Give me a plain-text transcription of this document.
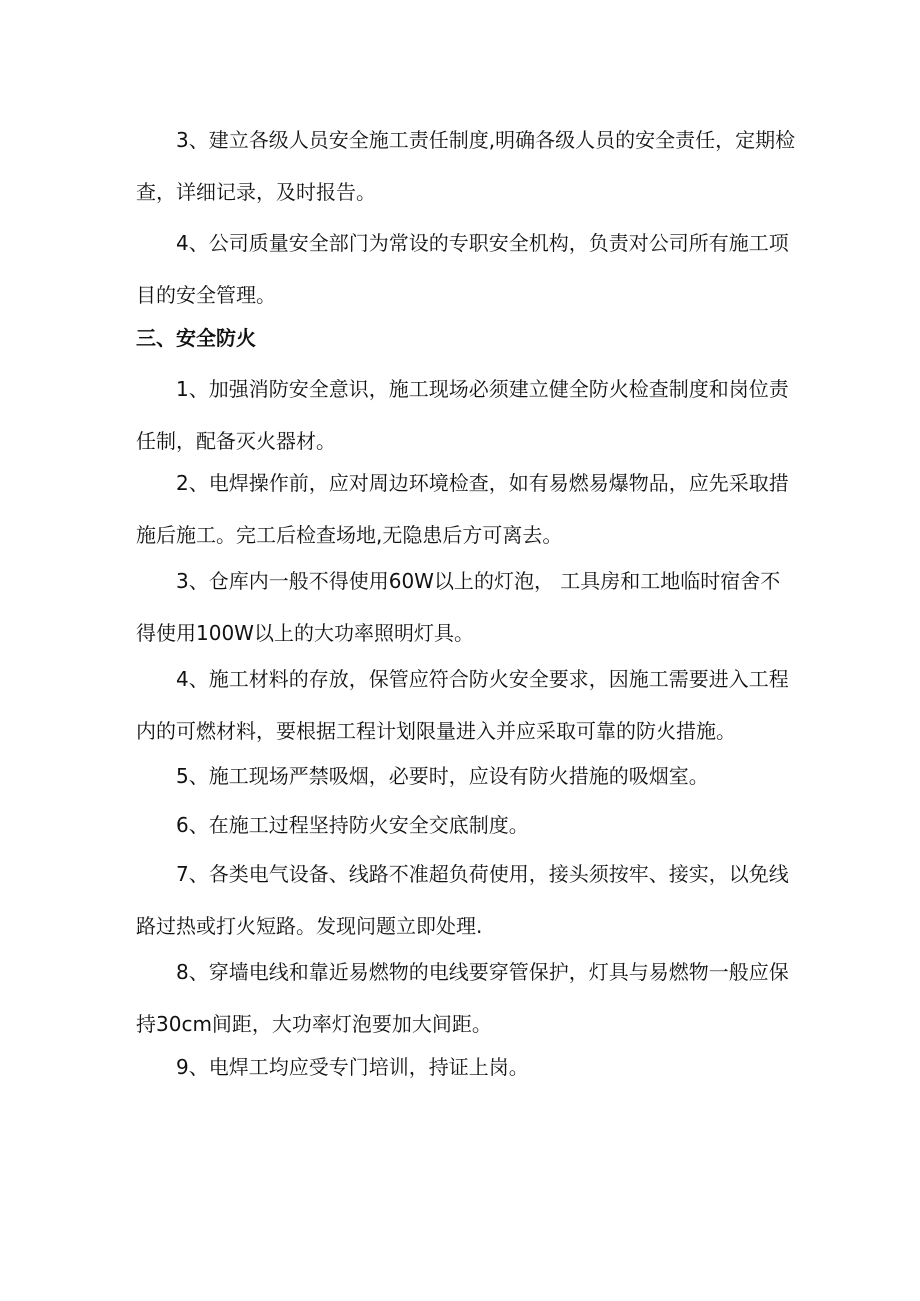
3、建立各级人员安全施工责任制度,明确各级人员的安全责任，定期检
查，详细记录，及时报告。

4、公司质量安全部门为常设的专职安全机构，负责对公司所有施工项
目的安全管理。

三、安全防火

1、加强消防安全意识，施工现场必须建立健全防火检查制度和岗位责
任制，配备灭火器材。

2、电焊操作前，应对周边环境检查，如有易燃易爆物品，应先采取措
施后施工。完工后检查场地,无隐患后方可离去。

3、仓库内一般不得使用60W以上的灯泡， 工具房和工地临时宿舍不
得使用100W以上的大功率照明灯具。

4、施工材料的存放，保管应符合防火安全要求，因施工需要进入工程
内的可燃材料，要根据工程计划限量进入并应采取可靠的防火措施。

5、施工现场严禁吸烟，必要时，应设有防火措施的吸烟室。

6、在施工过程坚持防火安全交底制度。

7、各类电气设备、线路不准超负荷使用，接头须按牢、接实，以免线
路过热或打火短路。发现问题立即处理.

8、穿墙电线和靠近易燃物的电线要穿管保护，灯具与易燃物一般应保
持30cm间距，大功率灯泡要加大间距。

9、电焊工均应受专门培训，持证上岗。
